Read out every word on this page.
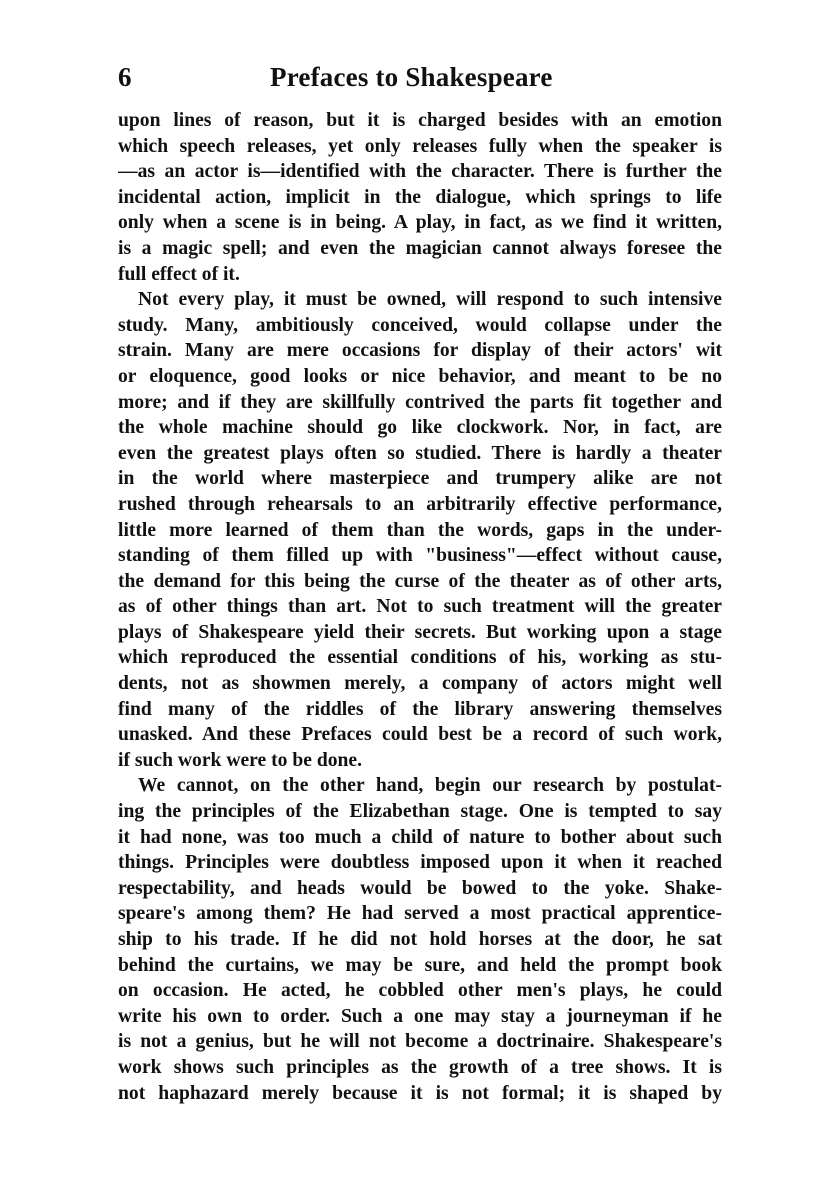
6	Prefaces to Shakespeare
upon lines of reason, but it is charged besides with an emotion
which speech releases, yet only releases fully when the speaker is
—as an actor is—identified with the character. There is further the
incidental action, implicit in the dialogue, which springs to life
only when a scene is in being. A play, in fact, as we find it written,
is a magic spell; and even the magician cannot always foresee the
full effect of it.
Not every play, it must be owned, will respond to such intensive
study. Many, ambitiously conceived, would collapse under the
strain. Many are mere occasions for display of their actors' wit
or eloquence, good looks or nice behavior, and meant to be no
more; and if they are skillfully contrived the parts fit together and
the whole machine should go like clockwork. Nor, in fact, are
even the greatest plays often so studied. There is hardly a theater
in the world where masterpiece and trumpery alike are not
rushed through rehearsals to an arbitrarily effective performance,
little more learned of them than the words, gaps in the under-
standing of them filled up with "business"—effect without cause,
the demand for this being the curse of the theater as of other arts,
as of other things than art. Not to such treatment will the greater
plays of Shakespeare yield their secrets. But working upon a stage
which reproduced the essential conditions of his, working as stu-
dents, not as showmen merely, a company of actors might well
find many of the riddles of the library answering themselves
unasked. And these Prefaces could best be a record of such work,
if such work were to be done.
We cannot, on the other hand, begin our research by postulat-
ing the principles of the Elizabethan stage. One is tempted to say
it had none, was too much a child of nature to bother about such
things. Principles were doubtless imposed upon it when it reached
respectability, and heads would be bowed to the yoke. Shake-
speare's among them? He had served a most practical apprentice-
ship to his trade. If he did not hold horses at the door, he sat
behind the curtains, we may be sure, and held the prompt book
on occasion. He acted, he cobbled other men's plays, he could
write his own to order. Such a one may stay a journeyman if he
is not a genius, but he will not become a doctrinaire. Shakespeare's
work shows such principles as the growth of a tree shows. It is
not haphazard merely because it is not formal; it is shaped by
